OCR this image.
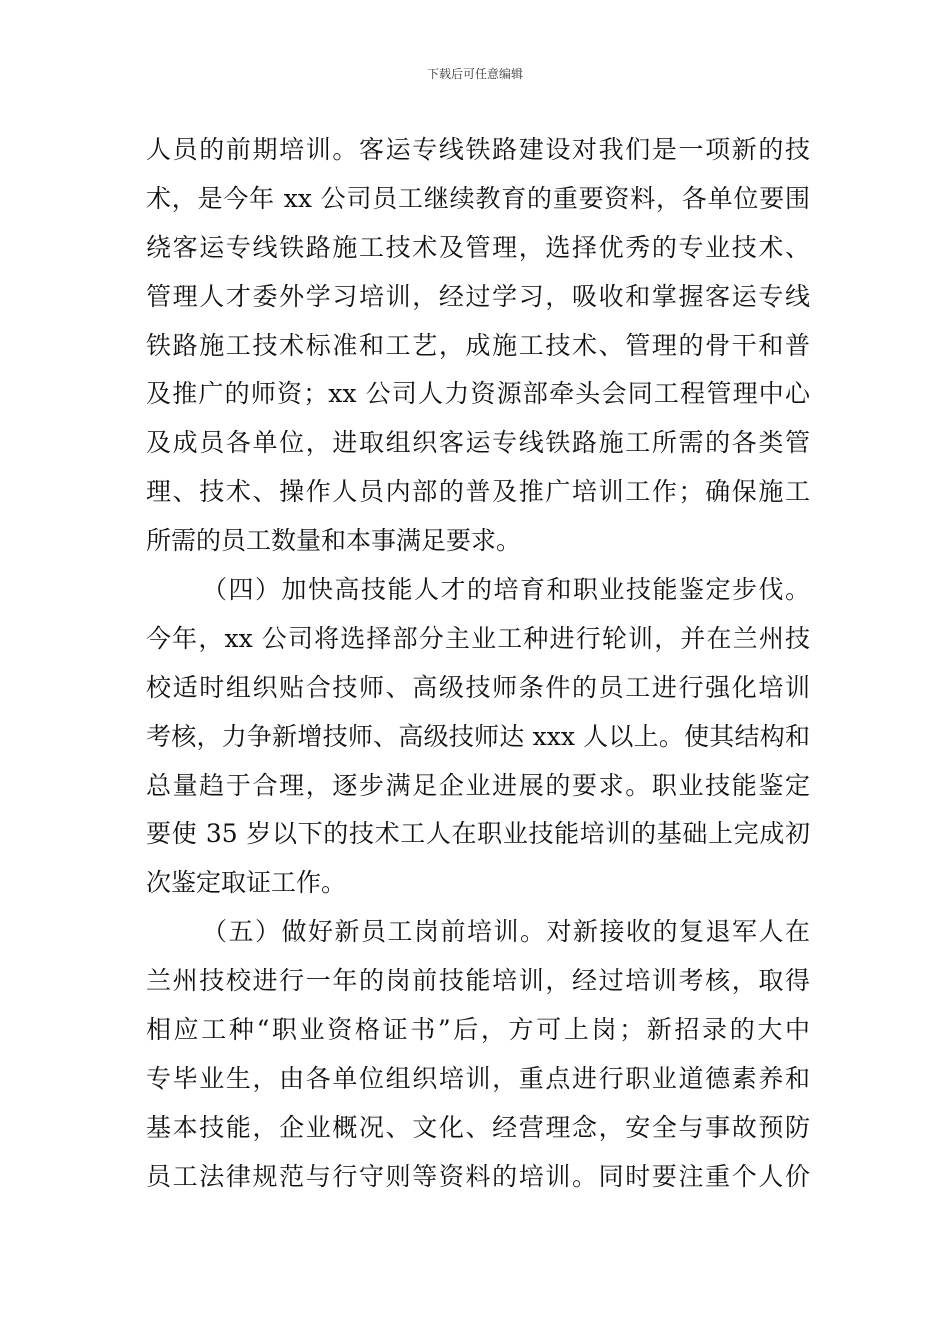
下载后可任意编辑
人员的前期培训。客运专线铁路建设对我们是一项新的技
术，是今年 xx 公司员工继续教育的重要资料，各单位要围
绕客运专线铁路施工技术及管理，选择优秀的专业技术、
管理人才委外学习培训，经过学习，吸收和掌握客运专线
铁路施工技术标准和工艺，成施工技术、管理的骨干和普
及推广的师资；xx 公司人力资源部牵头会同工程管理中心
及成员各单位，进取组织客运专线铁路施工所需的各类管
理、技术、操作人员内部的普及推广培训工作；确保施工
所需的员工数量和本事满足要求。
（四）加快高技能人才的培育和职业技能鉴定步伐。
今年，xx 公司将选择部分主业工种进行轮训，并在兰州技
校适时组织贴合技师、高级技师条件的员工进行强化培训
考核，力争新增技师、高级技师达 xxx 人以上。使其结构和
总量趋于合理，逐步满足企业进展的要求。职业技能鉴定
要使 35 岁以下的技术工人在职业技能培训的基础上完成初
次鉴定取证工作。
（五）做好新员工岗前培训。对新接收的复退军人在
兰州技校进行一年的岗前技能培训，经过培训考核，取得
相应工种“职业资格证书”后，方可上岗；新招录的大中
专毕业生，由各单位组织培训，重点进行职业道德素养和
基本技能，企业概况、文化、经营理念，安全与事故预防
员工法律规范与行守则等资料的培训。同时要注重个人价
